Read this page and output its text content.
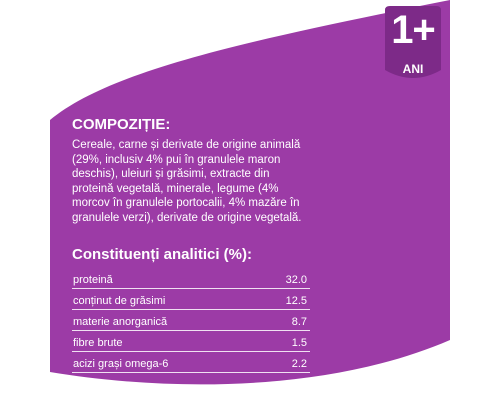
1+
ANI
COMPOZIȚIE:

Cereale, carne și derivate de origine animală (29%, inclusiv 4% pui în granulele maron deschis), uleiuri și grăsimi, extracte din proteină vegetală, minerale, legume (4% morcov în granulele portocalii, 4% mazăre în granulele verzi), derivate de origine vegetală.

Constituenți analitici (%):
proteină	32.0
conținut de grăsimi	12.5
materie anorganică	8.7
fibre brute	1.5
acizi grași omega-6	2.2
